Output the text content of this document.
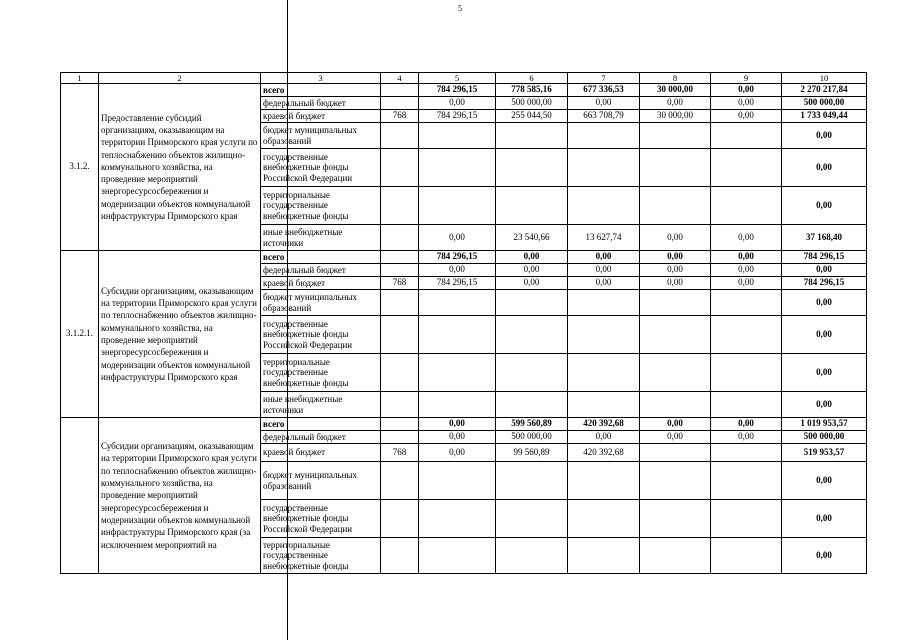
5
1	2	3	4	5	6	7	8	9	10
3.1.2.	Предоставление субсидий организациям, оказывающим на территории Приморского края услуги по теплоснабжению объектов жилищно-коммунального хозяйства, на проведение мероприятий энергоресурсосбережения и модернизации объектов коммунальной инфраструктуры Приморского края	всего		784 296,15	778 585,16	677 336,53	30 000,00	0,00	2 270 217,84
		федеральный бюджет		0,00	500 000,00	0,00	0,00	0,00	500 000,00
		краевой бюджет	768	784 296,15	255 044,50	663 708,79	30 000,00	0,00	1 733 049,44

		бюджет муниципальных образований							0,00

		государственные внебюджетные фонды Российской Федерации							0,00

		территориальные государственные внебюджетные фонды							0,00

		иные внебюджетные источники		0,00	23 540,66	13 627,74	0,00	0,00	37 168,40
3.1.2.1.	Субсидии организациям, оказывающим на территории Приморского края услуги по теплоснабжению объектов жилищно-коммунального хозяйства, на проведение мероприятий энергоресурсосбережения и модернизации объектов коммунальной инфраструктуры Приморского края	всего		784 296,15	0,00	0,00	0,00	0,00	784 296,15
		федеральный бюджет		0,00	0,00	0,00	0,00	0,00	0,00
		краевой бюджет	768	784 296,15	0,00	0,00	0,00	0,00	784 296,15

		бюджет муниципальных образований							0,00

		государственные внебюджетные фонды Российской Федерации							0,00

		территориальные государственные внебюджетные фонды							0,00

		иные внебюджетные источники							0,00
	Субсидии организациям, оказывающим на территории Приморского края услуги по теплоснабжению объектов жилищно-коммунального хозяйства, на проведение мероприятий энергоресурсосбережения и модернизации объектов коммунальной инфраструктуры Приморского края (за исключением мероприятий на	всего		0,00	599 560,89	420 392,68	0,00	0,00	1 019 953,57
		федеральный бюджет		0,00	500 000,00	0,00	0,00	0,00	500 000,00
		краевой бюджет	768	0,00	99 560,89	420 392,68			519 953,57

		бюджет муниципальных образований							0,00

		государственные внебюджетные фонды Российской Федерации							0,00

		территориальные государственные внебюджетные фонды							0,00
